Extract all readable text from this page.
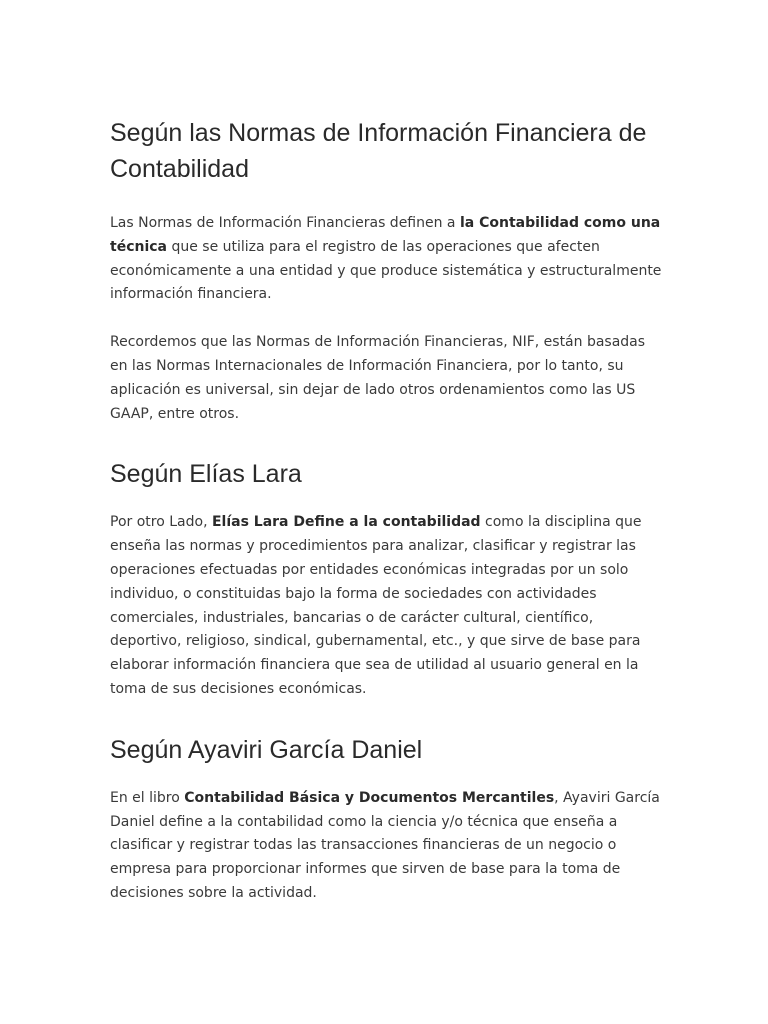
Según las Normas de Información Financiera de Contabilidad

Las Normas de Información Financieras definen a la Contabilidad como una técnica que se utiliza para el registro de las operaciones que afecten económicamente a una entidad y que produce sistemática y estructuralmente información financiera.

Recordemos que las Normas de Información Financieras, NIF, están basadas en las Normas Internacionales de Información Financiera, por lo tanto, su aplicación es universal, sin dejar de lado otros ordenamientos como las US GAAP, entre otros.

Según Elías Lara

Por otro Lado, Elías Lara Define a la contabilidad como la disciplina que enseña las normas y procedimientos para analizar, clasificar y registrar las operaciones efectuadas por entidades económicas integradas por un solo individuo, o constituidas bajo la forma de sociedades con actividades comerciales, industriales, bancarias o de carácter cultural, científico, deportivo, religioso, sindical, gubernamental, etc., y que sirve de base para elaborar información financiera que sea de utilidad al usuario general en la toma de sus decisiones económicas.

Según Ayaviri García Daniel

En el libro Contabilidad Básica y Documentos Mercantiles, Ayaviri García Daniel define a la contabilidad como la ciencia y/o técnica que enseña a clasificar y registrar todas las transacciones financieras de un negocio o empresa para proporcionar informes que sirven de base para la toma de decisiones sobre la actividad.
